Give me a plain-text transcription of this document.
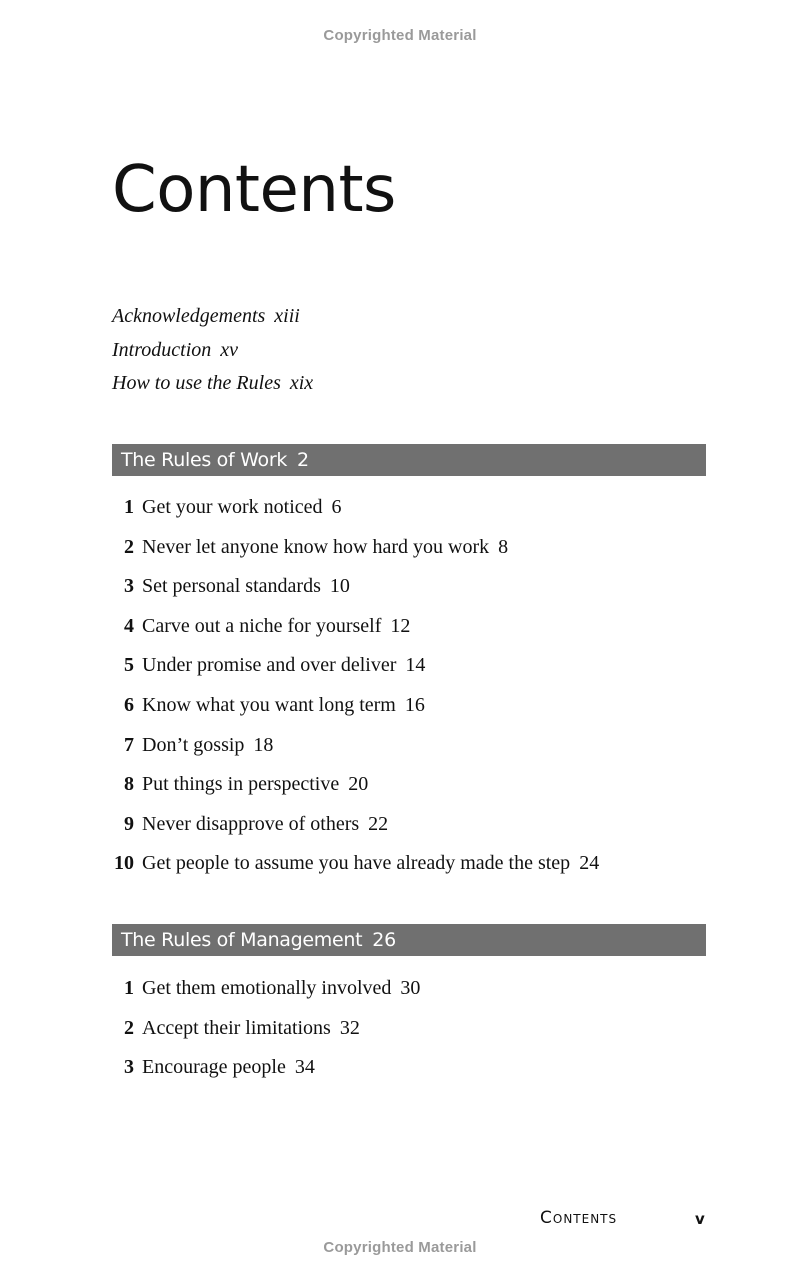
Copyrighted Material
Contents
Acknowledgements xiii
Introduction xv
How to use the Rules xix
The Rules of Work 2
1 Get your work noticed 6
2 Never let anyone know how hard you work 8
3 Set personal standards 10
4 Carve out a niche for yourself 12
5 Under promise and over deliver 14
6 Know what you want long term 16
7 Don’t gossip 18
8 Put things in perspective 20
9 Never disapprove of others 22
10 Get people to assume you have already made the step 24
The Rules of Management 26
1 Get them emotionally involved 30
2 Accept their limitations 32
3 Encourage people 34
Contents	v
Copyrighted Material
